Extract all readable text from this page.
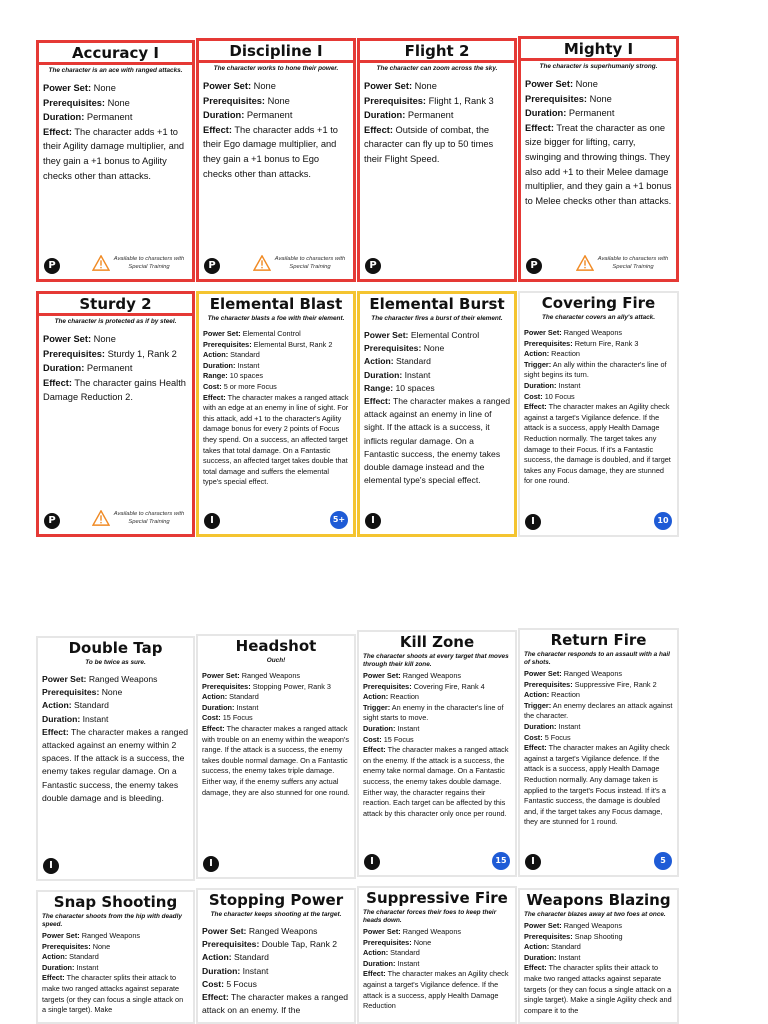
Accuracy I
The character is an ace with ranged attacks.
Power Set: None
Prerequisites: None
Duration: Permanent
Effect: The character adds +1 to their Agility damage multiplier, and they gain a +1 bonus to Agility checks other than attacks.
P
Available to characters with Special Training
Discipline I
The character works to hone their power.
Power Set: None
Prerequisites: None
Duration: Permanent
Effect: The character adds +1 to their Ego damage multiplier, and they gain a +1 bonus to Ego checks other than attacks.
P
Available to characters with Special Training
Flight 2
The character can zoom across the sky.
Power Set: None
Prerequisites: Flight 1, Rank 3
Duration: Permanent
Effect: Outside of combat, the character can fly up to 50 times their Flight Speed.
P
Mighty I
The character is superhumanly strong.
Power Set: None
Prerequisites: None
Duration: Permanent
Effect: Treat the character as one size bigger for lifting, carry, swinging and throwing things. They also add +1 to their Melee damage multiplier, and they gain a +1 bonus to Melee checks other than attacks.
P
Available to characters with Special Training
Sturdy 2
The character is protected as if by steel.
Power Set: None
Prerequisites: Sturdy 1, Rank 2
Duration: Permanent
Effect: The character gains Health Damage Reduction 2.
P
Available to characters with Special Training
Elemental Blast
The character blasts a foe with their element.
Power Set: Elemental Control
Prerequisites: Elemental Burst, Rank 2
Action: Standard
Duration: Instant
Range: 10 spaces
Cost: 5 or more Focus
Effect: The character makes a ranged attack with an edge at an enemy in line of sight. For this attack, add +1 to the character's Agility damage bonus for every 2 points of Focus they spend. On a success, an affected target takes that total damage. On a Fantastic success, an affected target takes double that total damage and suffers the elemental type's special effect.
I	5+
Elemental Burst
The character fires a burst of their element.
Power Set: Elemental Control
Prerequisites: None
Action: Standard
Duration: Instant
Range: 10 spaces
Effect: The character makes a ranged attack against an enemy in line of sight. If the attack is a success, it inflicts regular damage. On a Fantastic success, the enemy takes double damage instead and the elemental type's special effect.
I
Covering Fire
The character covers an ally's attack.
Power Set: Ranged Weapons
Prerequisites: Return Fire, Rank 3
Action: Reaction
Trigger: An ally within the character's line of sight begins its turn.
Duration: Instant
Cost: 10 Focus
Effect: The character makes an Agility check against a target's Vigilance defence. If the attack is a success, apply Health Damage Reduction normally. The target takes any damage to their Focus. If it's a Fantastic success, the damage is doubled, and if target takes any Focus damage, they are stunned for one round.
I	10
Double Tap
To be twice as sure.
Power Set: Ranged Weapons
Prerequisites: None
Action: Standard
Duration: Instant
Effect: The character makes a ranged attacked against an enemy within 2 spaces. If the attack is a success, the enemy takes regular damage. On a Fantastic success, the enemy takes double damage and is bleeding.
I
Headshot
Ouch!
Power Set: Ranged Weapons
Prerequisites: Stopping Power, Rank 3
Action: Standard
Duration: Instant
Cost: 15 Focus
Effect: The character makes a ranged attack with trouble on an enemy within the weapon's range. If the attack is a success, the enemy takes double normal damage. On a Fantastic success, the enemy takes triple damage. Either way, if the enemy suffers any actual damage, they are also stunned for one round.
I
Kill Zone
The character shoots at every target that moves through their kill zone.
Power Set: Ranged Weapons
Prerequisites: Covering Fire, Rank 4
Action: Reaction
Trigger: An enemy in the character's line of sight starts to move.
Duration: Instant
Cost: 15 Focus
Effect: The character makes a ranged attack on the enemy. If the attack is a success, the enemy take normal damage. On a Fantastic success, the enemy takes double damage. Either way, the character regains their reaction. Each target can be affected by this attack by this character only once per round.
I	15
Return Fire
The character responds to an assault with a hail of shots.
Power Set: Ranged Weapons
Prerequisites: Suppressive Fire, Rank 2
Action: Reaction
Trigger: An enemy declares an attack against the character.
Duration: Instant
Cost: 5 Focus
Effect: The character makes an Agility check against a target's Vigilance defence. If the attack is a success, apply Health Damage Reduction normally. Any damage taken is applied to the target's Focus instead. If it's a Fantastic success, the damage is doubled and, if the target takes any Focus damage, they are stunned for 1 round.
I	5
Snap Shooting
The character shoots from the hip with deadly speed.
Power Set: Ranged Weapons
Prerequisites: None
Action: Standard
Duration: Instant
Effect: The character splits their attack to make two ranged attacks against separate targets (or they can focus a single attack on a single target). Make
Stopping Power
The character keeps shooting at the target.
Power Set: Ranged Weapons
Prerequisites: Double Tap, Rank 2
Action: Standard
Duration: Instant
Cost: 5 Focus
Effect: The character makes a ranged attack on an enemy. If the
Suppressive Fire
The character forces their foes to keep their heads down.
Power Set: Ranged Weapons
Prerequisites: None
Action: Standard
Duration: Instant
Effect: The character makes an Agility check against a target's Vigilance defence. If the attack is a success, apply Health Damage Reduction
Weapons Blazing
The character blazes away at two foes at once.
Power Set: Ranged Weapons
Prerequisites: Snap Shooting
Action: Standard
Duration: Instant
Effect: The character splits their attack to make two ranged attacks against separate targets (or they can focus a single attack on a single target). Make a single Agility check and compare it to the
